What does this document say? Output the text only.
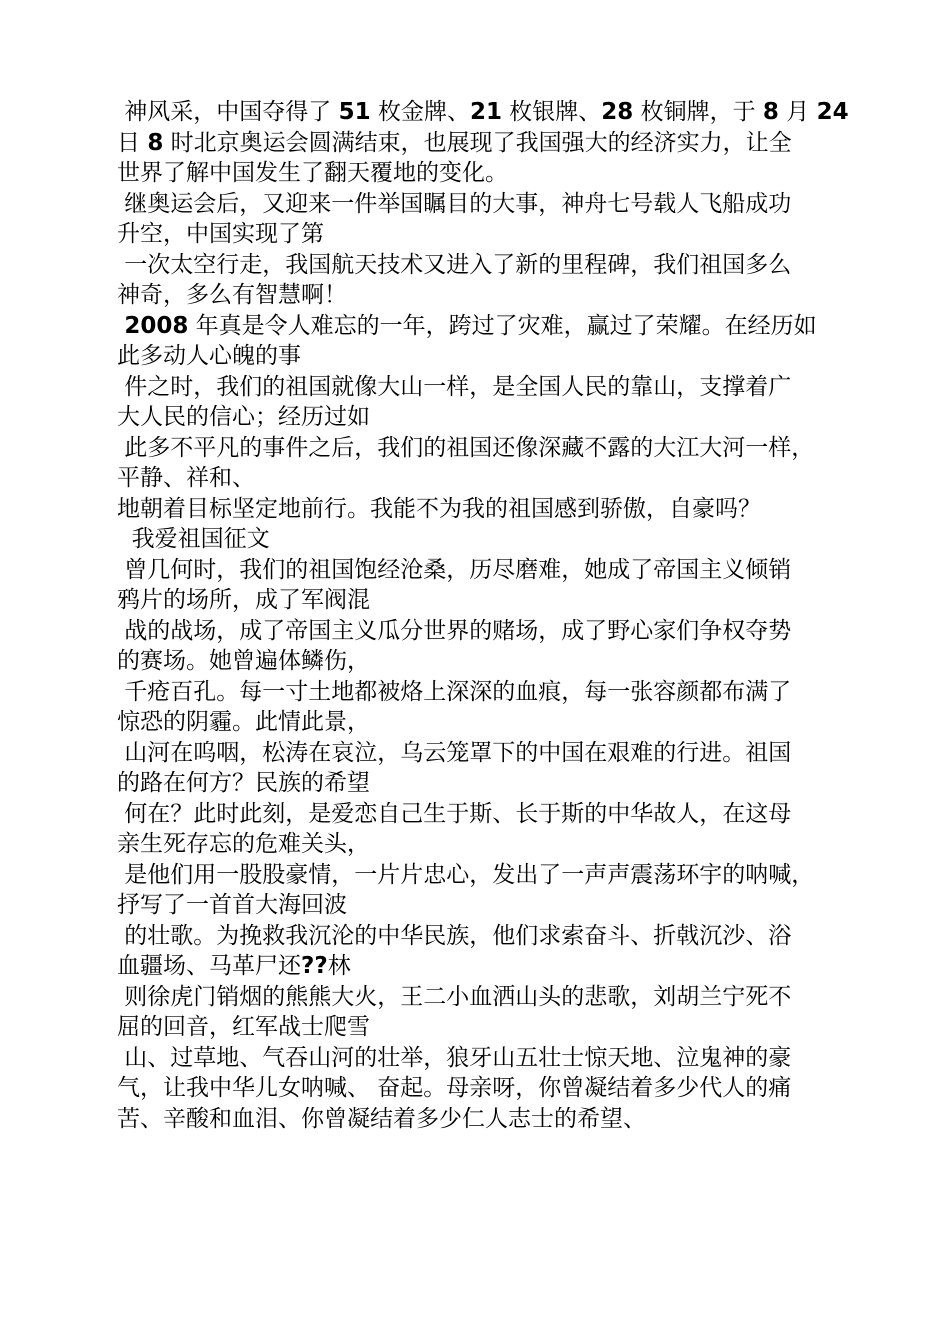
神风采，中国夺得了 51 枚金牌、21 枚银牌、28 枚铜牌，于 8 月 24
日 8 时北京奥运会圆满结束，也展现了我国强大的经济实力，让全
世界了解中国发生了翻天覆地的变化。
继奥运会后，又迎来一件举国瞩目的大事，神舟七号载人飞船成功
升空，中国实现了第
一次太空行走，我国航天技术又进入了新的里程碑，我们祖国多么
神奇，多么有智慧啊！
2008 年真是令人难忘的一年，跨过了灾难，赢过了荣耀。在经历如
此多动人心魄的事
件之时，我们的祖国就像大山一样，是全国人民的靠山，支撑着广
大人民的信心；经历过如
此多不平凡的事件之后，我们的祖国还像深藏不露的大江大河一样，
平静、祥和、
地朝着目标坚定地前行。我能不为我的祖国感到骄傲，自豪吗？
我爱祖国征文
曾几何时，我们的祖国饱经沧桑，历尽磨难，她成了帝国主义倾销
鸦片的场所，成了军阀混
战的战场，成了帝国主义瓜分世界的赌场，成了野心家们争权夺势
的赛场。她曾遍体鳞伤，
千疮百孔。每一寸土地都被烙上深深的血痕，每一张容颜都布满了
惊恐的阴霾。此情此景，
山河在呜咽，松涛在哀泣，乌云笼罩下的中国在艰难的行进。祖国
的路在何方？民族的希望
何在？此时此刻，是爱恋自己生于斯、长于斯的中华故人，在这母
亲生死存忘的危难关头，
是他们用一股股豪情，一片片忠心，发出了一声声震荡环宇的呐喊，
抒写了一首首大海回波
的壮歌。为挽救我沉沦的中华民族，他们求索奋斗、折戟沉沙、浴
血疆场、马革尸还??林
则徐虎门销烟的熊熊大火，王二小血洒山头的悲歌，刘胡兰宁死不
屈的回音，红军战士爬雪
山、过草地、气吞山河的壮举，狼牙山五壮士惊天地、泣鬼神的豪
气，让我中华儿女呐喊、 奋起。母亲呀，你曾凝结着多少代人的痛
苦、辛酸和血泪、你曾凝结着多少仁人志士的希望、
